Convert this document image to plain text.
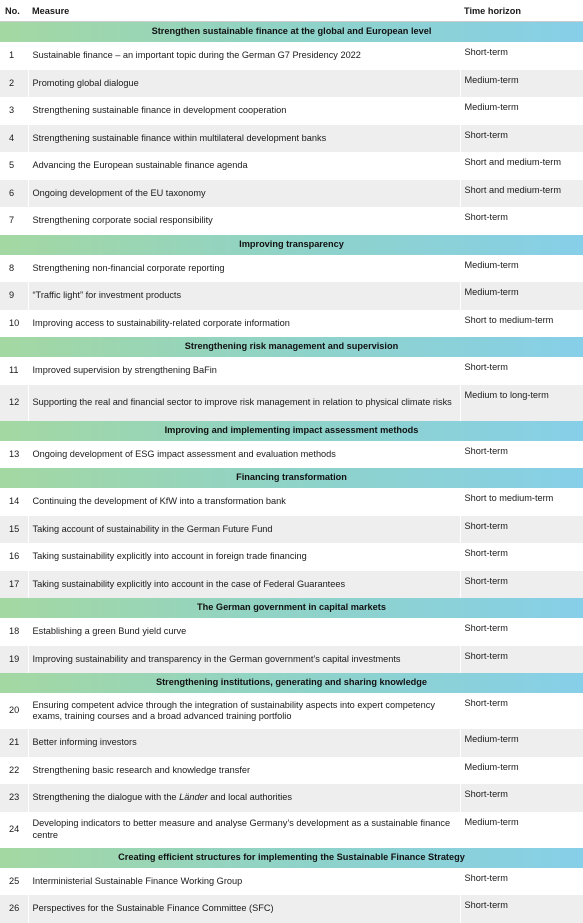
No.	Measure	Time horizon
Strengthen sustainable finance at the global and European level		
1	Sustainable finance – an important topic during the German G7 Presidency 2022	Short-term
2	Promoting global dialogue	Medium-term
3	Strengthening sustainable finance in development cooperation	Medium-term
4	Strengthening sustainable finance within multilateral development banks	Short-term
5	Advancing the European sustainable finance agenda	Short and medium-term
6	Ongoing development of the EU taxonomy	Short and medium-term
7	Strengthening corporate social responsibility	Short-term
Improving transparency		
8	Strengthening non-financial corporate reporting	Medium-term
9	“Traffic light” for investment products	Medium-term
10	Improving access to sustainability-related corporate information	Short to medium-term
Strengthening risk management and supervision		
11	Improved supervision by strengthening BaFin	Short-term
12	Supporting the real and financial sector to improve risk management in relation to physical climate risks	Medium to long-term
Improving and implementing impact assessment methods		
13	Ongoing development of ESG impact assessment and evaluation methods	Short-term
Financing transformation		
14	Continuing the development of KfW into a transformation bank	Short to medium-term
15	Taking account of sustainability in the German Future Fund	Short-term
16	Taking sustainability explicitly into account in foreign trade financing	Short-term
17	Taking sustainability explicitly into account in the case of Federal Guarantees	Short-term
The German government in capital markets		
18	Establishing a green Bund yield curve	Short-term
19	Improving sustainability and transparency in the German government’s capital investments	Short-term
Strengthening institutions, generating and sharing knowledge		
20	Ensuring competent advice through the integration of sustainability aspects into expert competency exams, training courses and a broad advanced training portfolio	Short-term
21	Better informing investors	Medium-term
22	Strengthening basic research and knowledge transfer	Medium-term
23	Strengthening the dialogue with the Länder and local authorities	Short-term
24	Developing indicators to better measure and analyse Germany’s development as a sustainable finance centre	Medium-term
Creating efficient structures for implementing the Sustainable Finance Strategy		
25	Interministerial Sustainable Finance Working Group	Short-term
26	Perspectives for the Sustainable Finance Committee (SFC)	Short-term
